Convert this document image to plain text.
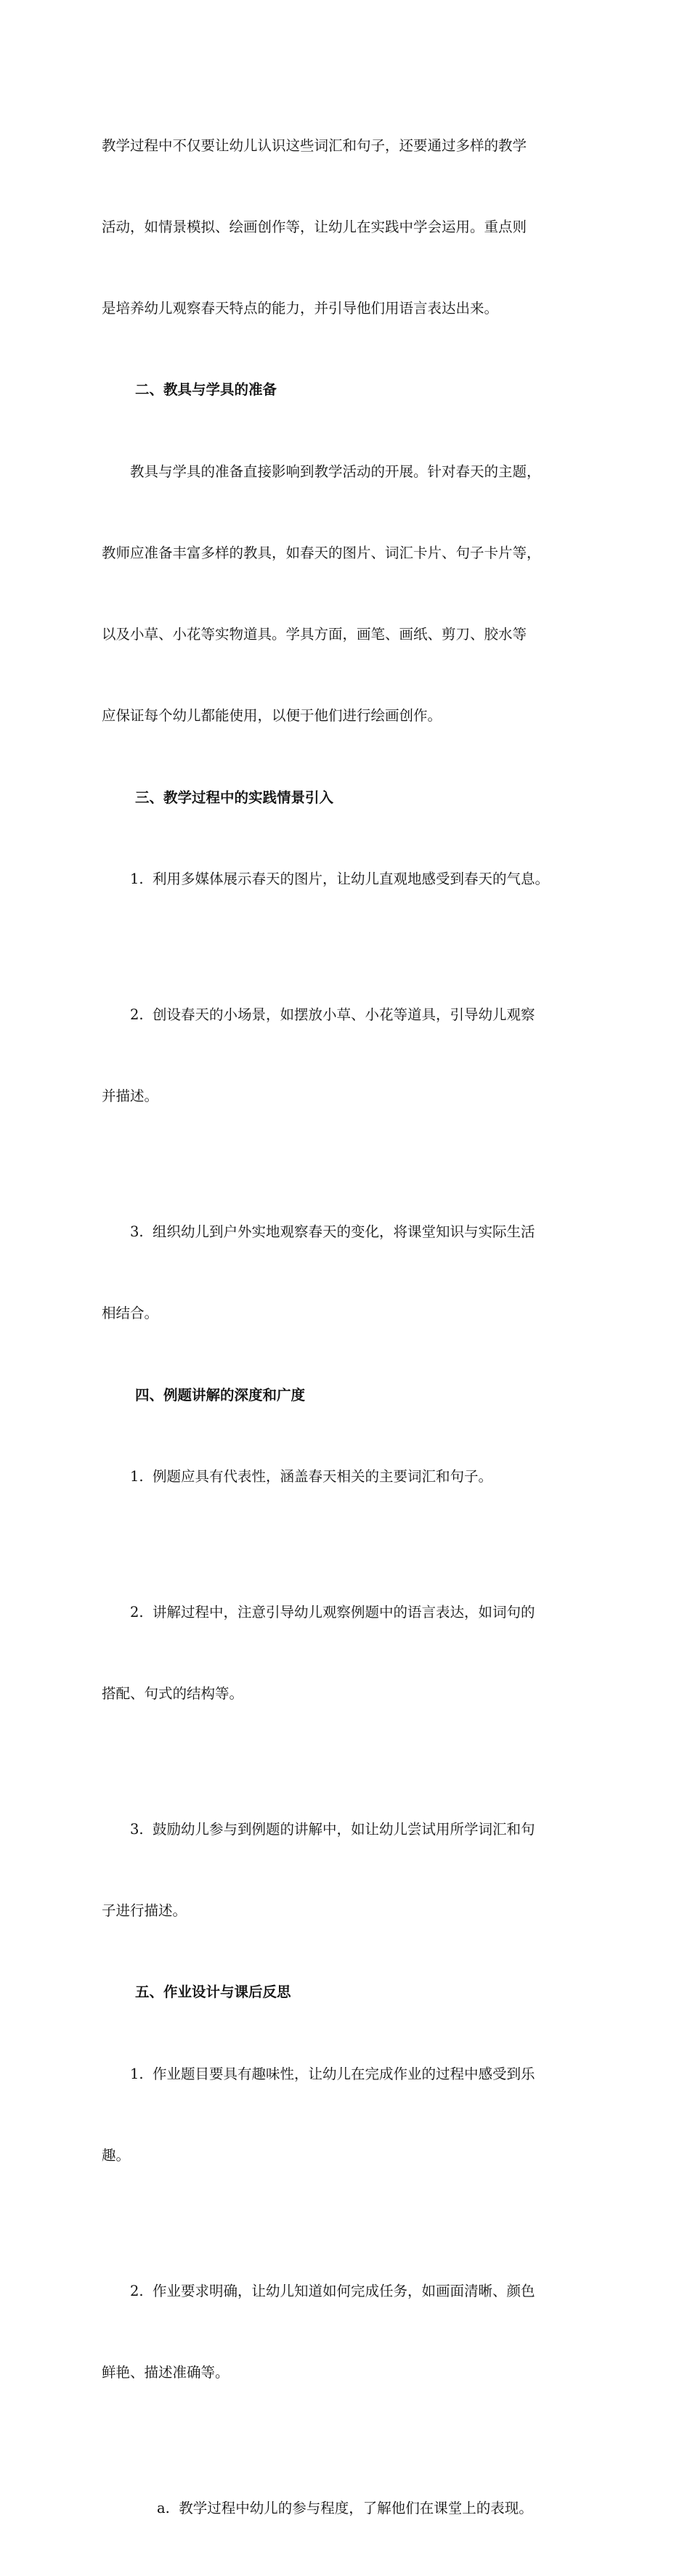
教学过程中不仅要让幼儿认识这些词汇和句子，还要通过多样的教学

活动，如情景模拟、绘画创作等，让幼儿在实践中学会运用。重点则

是培养幼儿观察春天特点的能力，并引导他们用语言表达出来。

二、教具与学具的准备

教具与学具的准备直接影响到教学活动的开展。针对春天的主题，

教师应准备丰富多样的教具，如春天的图片、词汇卡片、句子卡片等，

以及小草、小花等实物道具。学具方面，画笔、画纸、剪刀、胶水等

应保证每个幼儿都能使用，以便于他们进行绘画创作。

三、教学过程中的实践情景引入

1.  利用多媒体展示春天的图片，让幼儿直观地感受到春天的气息。

2.  创设春天的小场景，如摆放小草、小花等道具，引导幼儿观察

并描述。

3.  组织幼儿到户外实地观察春天的变化，将课堂知识与实际生活

相结合。

四、例题讲解的深度和广度

1.  例题应具有代表性，涵盖春天相关的主要词汇和句子。

2.  讲解过程中，注意引导幼儿观察例题中的语言表达，如词句的

搭配、句式的结构等。

3.  鼓励幼儿参与到例题的讲解中，如让幼儿尝试用所学词汇和句

子进行描述。

五、作业设计与课后反思

1.  作业题目要具有趣味性，让幼儿在完成作业的过程中感受到乐

趣。

2.  作业要求明确，让幼儿知道如何完成任务，如画面清晰、颜色

鲜艳、描述准确等。

a.  教学过程中幼儿的参与程度，了解他们在课堂上的表现。
